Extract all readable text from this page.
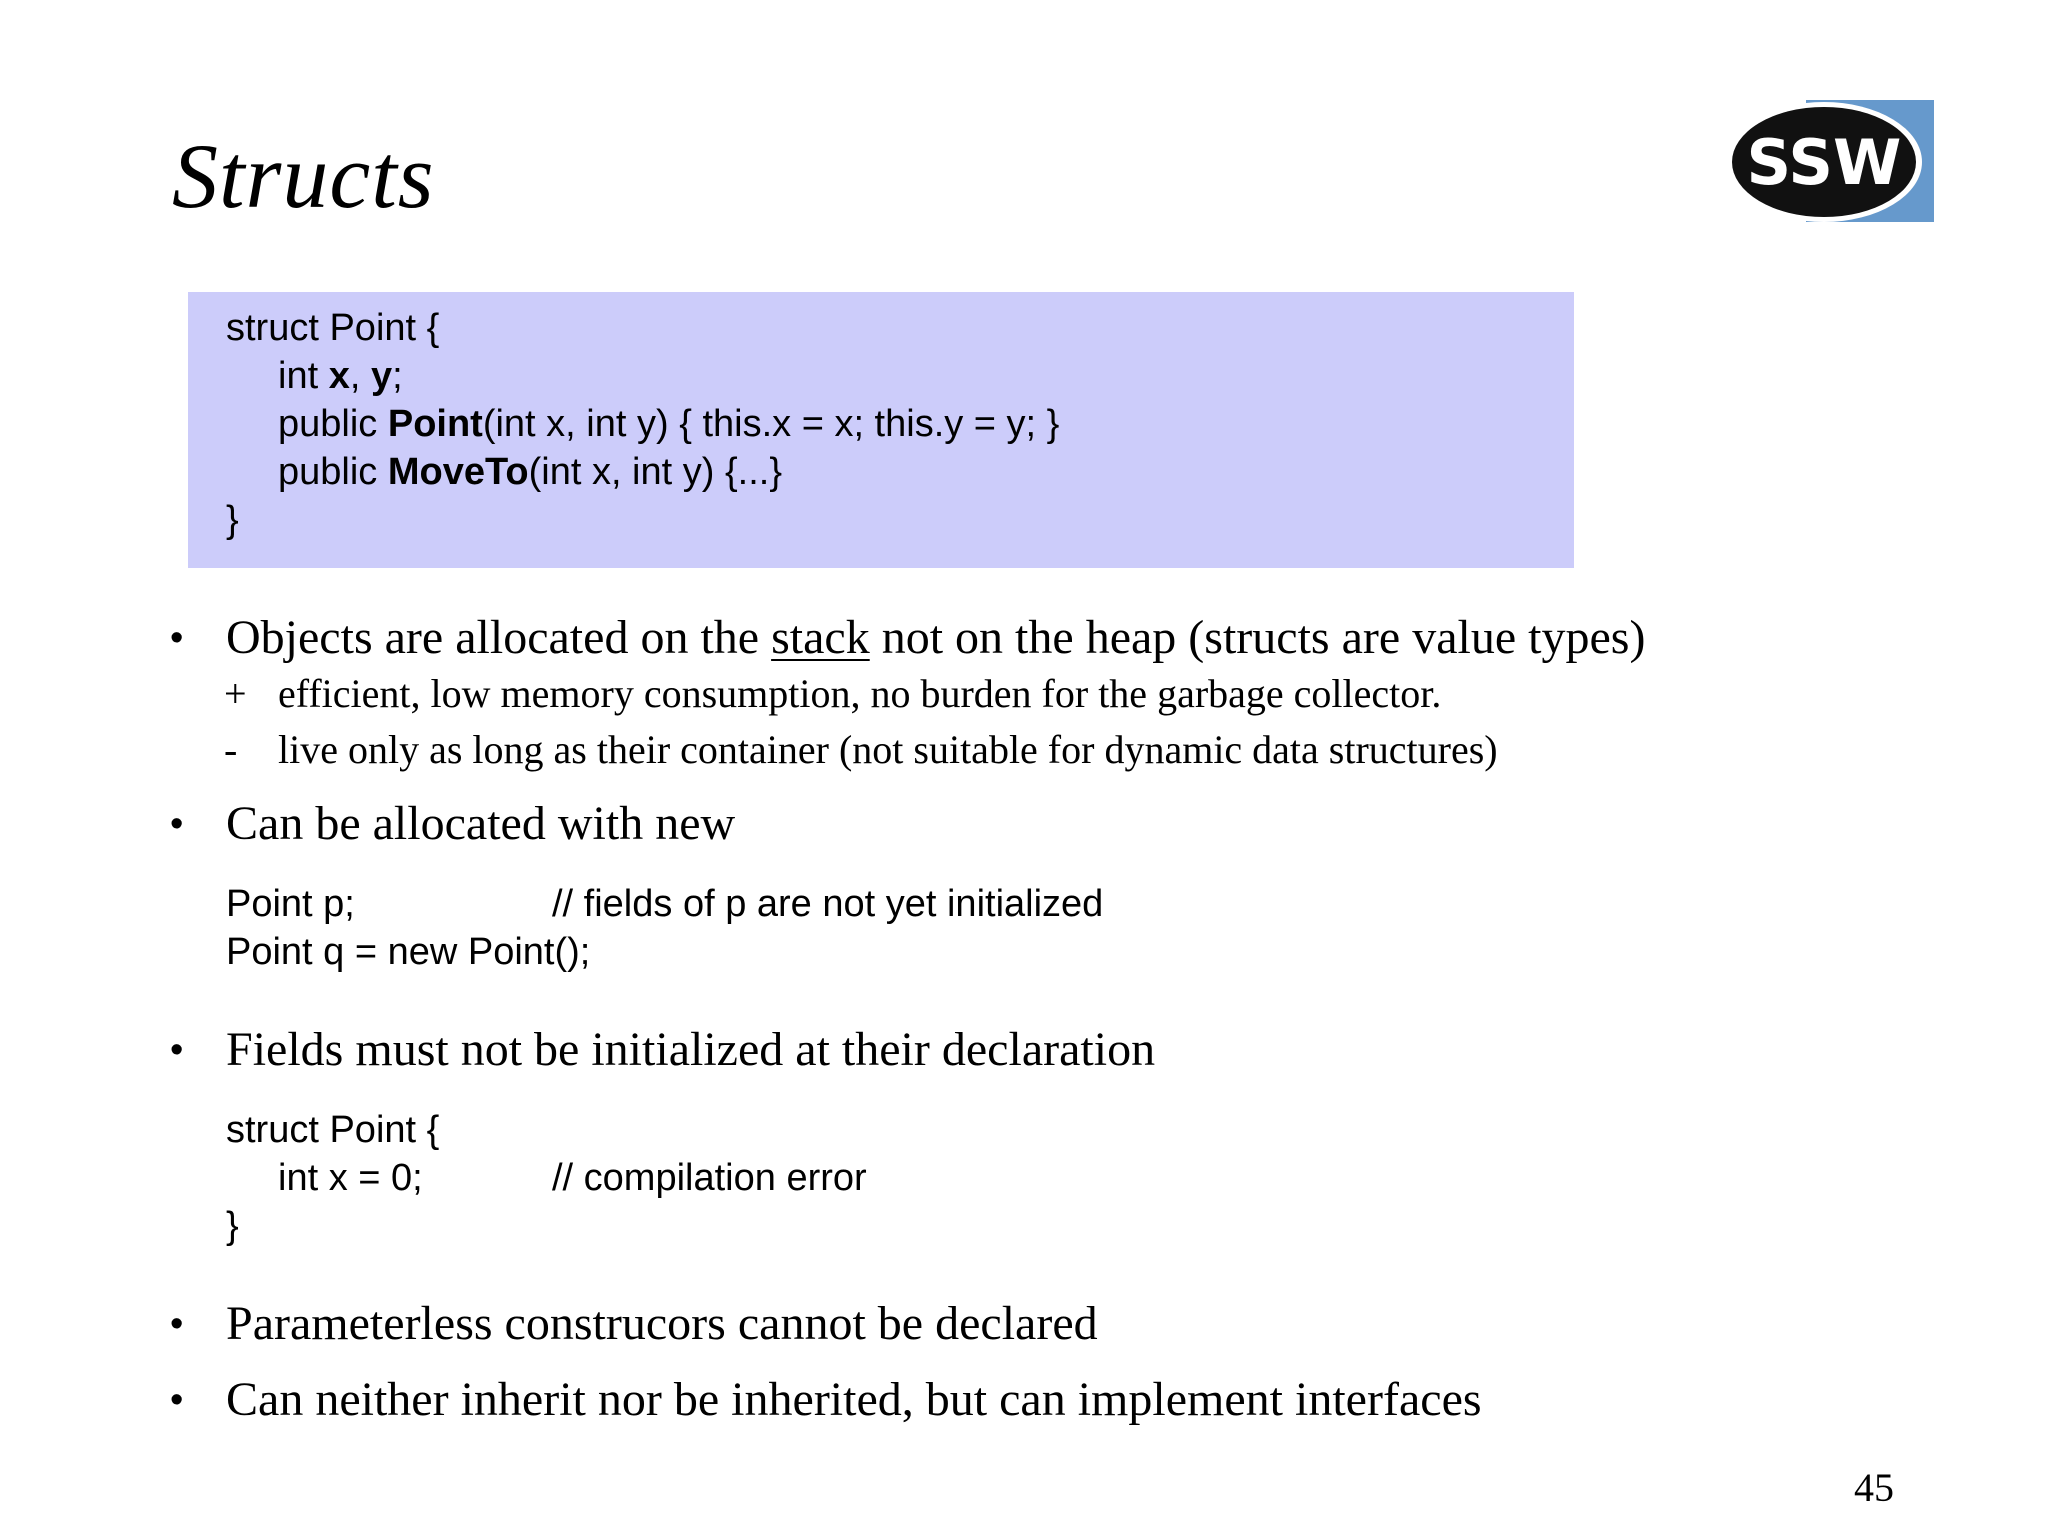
Structs	SSW
struct Point {
int x, y;
public Point(int x, int y) { this.x = x; this.y = y; }
public MoveTo(int x, int y) {...}
}
• Objects are allocated on the stack not on the heap (structs are value types)
+ efficient, low memory consumption, no burden for the garbage collector.
- live only as long as their container (not suitable for dynamic data structures)
• Can be allocated with new
Point p;	// fields of p are not yet initialized
Point q = new Point();
• Fields must not be initialized at their declaration
struct Point {
int x = 0;	// compilation error
}
• Parameterless construcors cannot be declared
• Can neither inherit nor be inherited, but can implement interfaces
45
